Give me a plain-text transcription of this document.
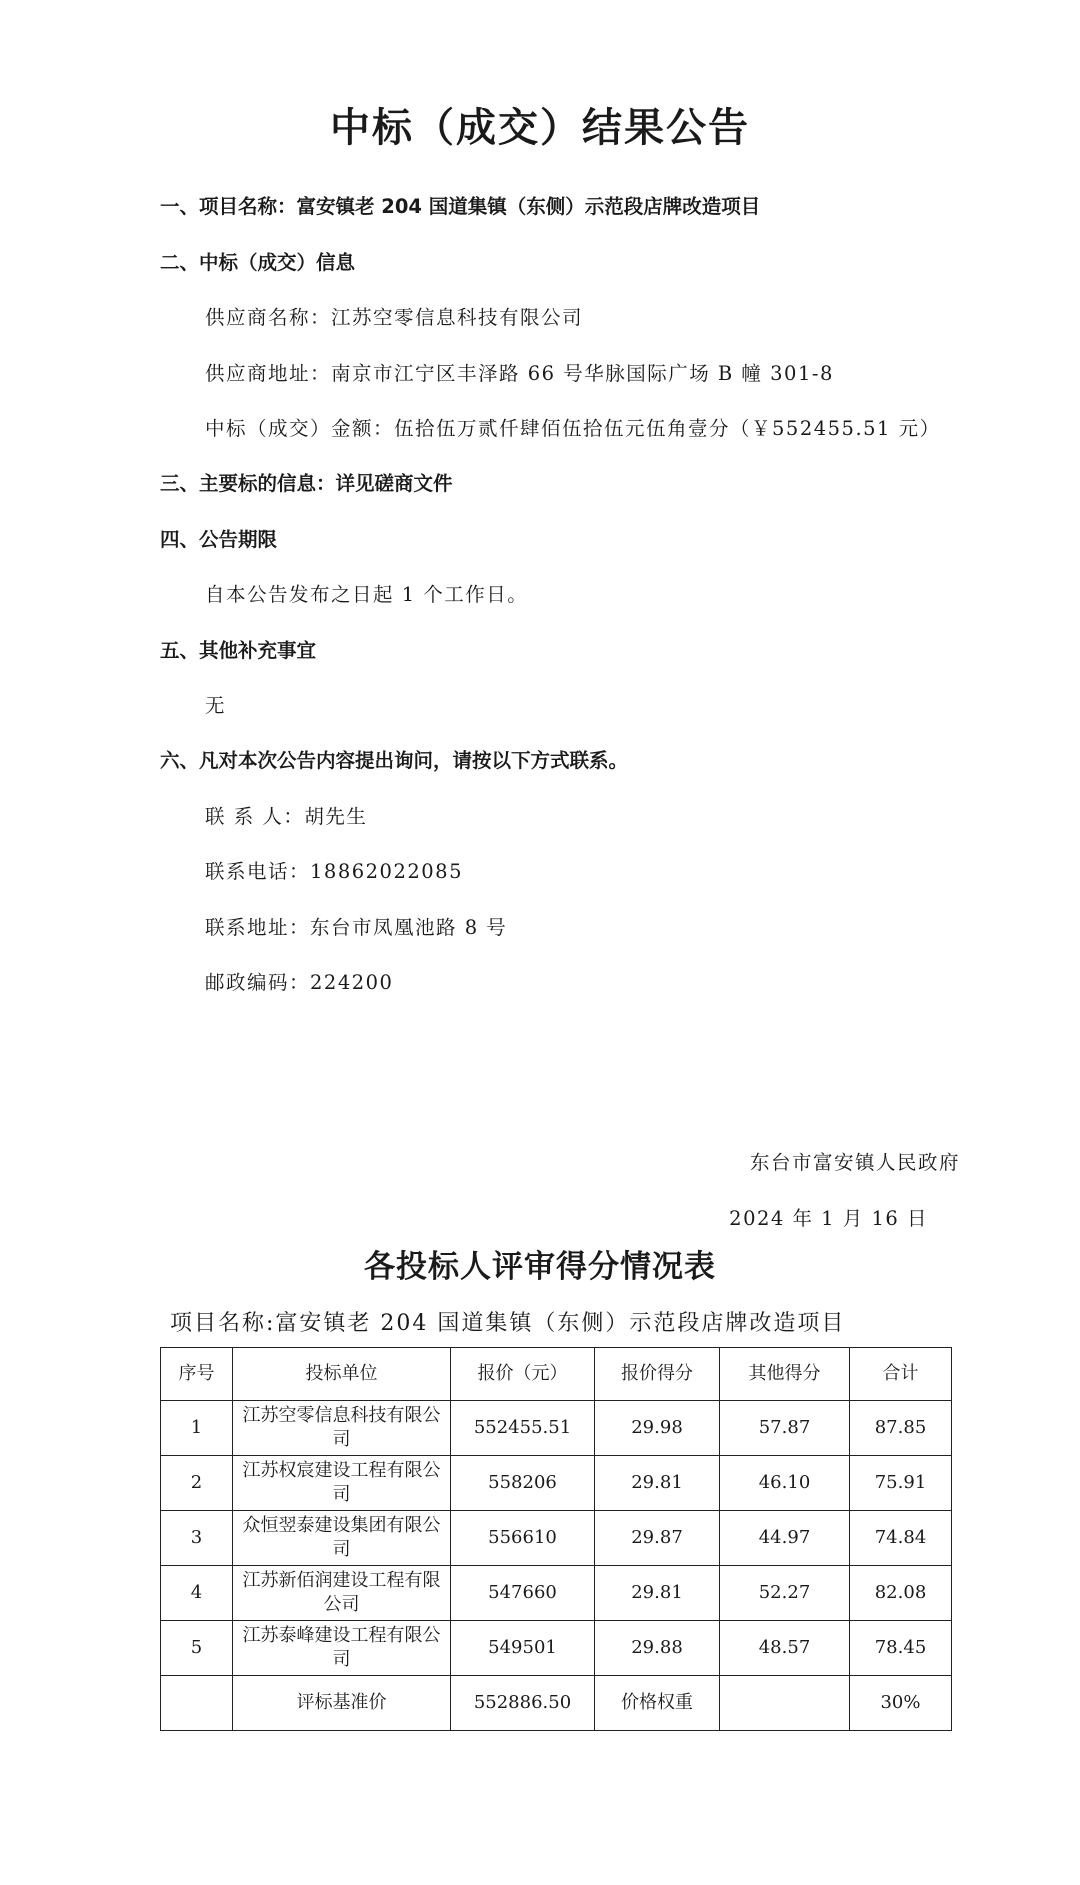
中标（成交）结果公告
一、项目名称：富安镇老 204 国道集镇（东侧）示范段店牌改造项目
二、中标（成交）信息
供应商名称：江苏空零信息科技有限公司
供应商地址：南京市江宁区丰泽路 66 号华脉国际广场 B 幢 301-8
中标（成交）金额：伍拾伍万贰仟肆佰伍拾伍元伍角壹分（￥552455.51 元）
三、主要标的信息：详见磋商文件
四、公告期限
自本公告发布之日起 1 个工作日。
五、其他补充事宜
无
六、凡对本次公告内容提出询问，请按以下方式联系。
联 系 人：胡先生
联系电话：18862022085
联系地址：东台市凤凰池路 8 号
邮政编码：224200
东台市富安镇人民政府
2024 年 1 月 16 日
各投标人评审得分情况表
项目名称:富安镇老 204 国道集镇（东侧）示范段店牌改造项目
序号	投标单位	报价（元）	报价得分	其他得分	合计
1	江苏空零信息科技有限公司	552455.51	29.98	57.87	87.85
2	江苏权宸建设工程有限公司	558206	29.81	46.10	75.91
3	众恒翌泰建设集团有限公司	556610	29.87	44.97	74.84
4	江苏新佰润建设工程有限公司	547660	29.81	52.27	82.08
5	江苏泰峰建设工程有限公司	549501	29.88	48.57	78.45
	评标基准价	552886.50	价格权重		30%
